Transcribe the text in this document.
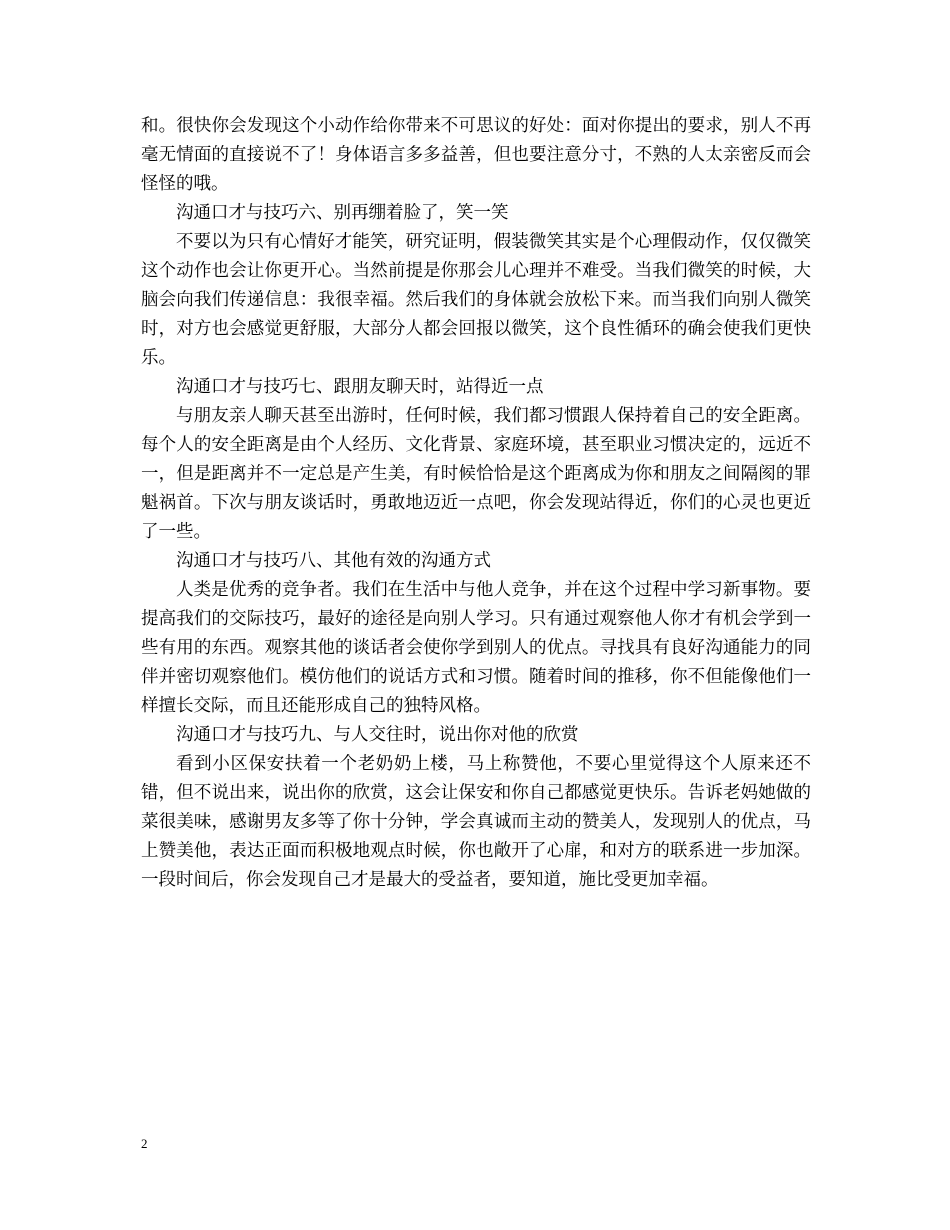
和。很快你会发现这个小动作给你带来不可思议的好处：面对你提出的要求，别人不再毫无情面的直接说不了！身体语言多多益善，但也要注意分寸，不熟的人太亲密反而会怪怪的哦。

沟通口才与技巧六、别再绷着脸了，笑一笑

不要以为只有心情好才能笑，研究证明，假装微笑其实是个心理假动作，仅仅微笑这个动作也会让你更开心。当然前提是你那会儿心理并不难受。当我们微笑的时候，大脑会向我们传递信息：我很幸福。然后我们的身体就会放松下来。而当我们向别人微笑时，对方也会感觉更舒服，大部分人都会回报以微笑，这个良性循环的确会使我们更快乐。

沟通口才与技巧七、跟朋友聊天时，站得近一点

与朋友亲人聊天甚至出游时，任何时候，我们都习惯跟人保持着自己的安全距离。每个人的安全距离是由个人经历、文化背景、家庭环境，甚至职业习惯决定的，远近不一，但是距离并不一定总是产生美，有时候恰恰是这个距离成为你和朋友之间隔阂的罪魁祸首。下次与朋友谈话时，勇敢地迈近一点吧，你会发现站得近，你们的心灵也更近了一些。

沟通口才与技巧八、其他有效的沟通方式

人类是优秀的竞争者。我们在生活中与他人竞争，并在这个过程中学习新事物。要提高我们的交际技巧，最好的途径是向别人学习。只有通过观察他人你才有机会学到一些有用的东西。观察其他的谈话者会使你学到别人的优点。寻找具有良好沟通能力的同伴并密切观察他们。模仿他们的说话方式和习惯。随着时间的推移，你不但能像他们一样擅长交际，而且还能形成自己的独特风格。

沟通口才与技巧九、与人交往时，说出你对他的欣赏

看到小区保安扶着一个老奶奶上楼，马上称赞他，不要心里觉得这个人原来还不错，但不说出来，说出你的欣赏，这会让保安和你自己都感觉更快乐。告诉老妈她做的菜很美味，感谢男友多等了你十分钟，学会真诚而主动的赞美人，发现别人的优点，马上赞美他，表达正面而积极地观点时候，你也敞开了心扉，和对方的联系进一步加深。一段时间后，你会发现自己才是最大的受益者，要知道，施比受更加幸福。

2
